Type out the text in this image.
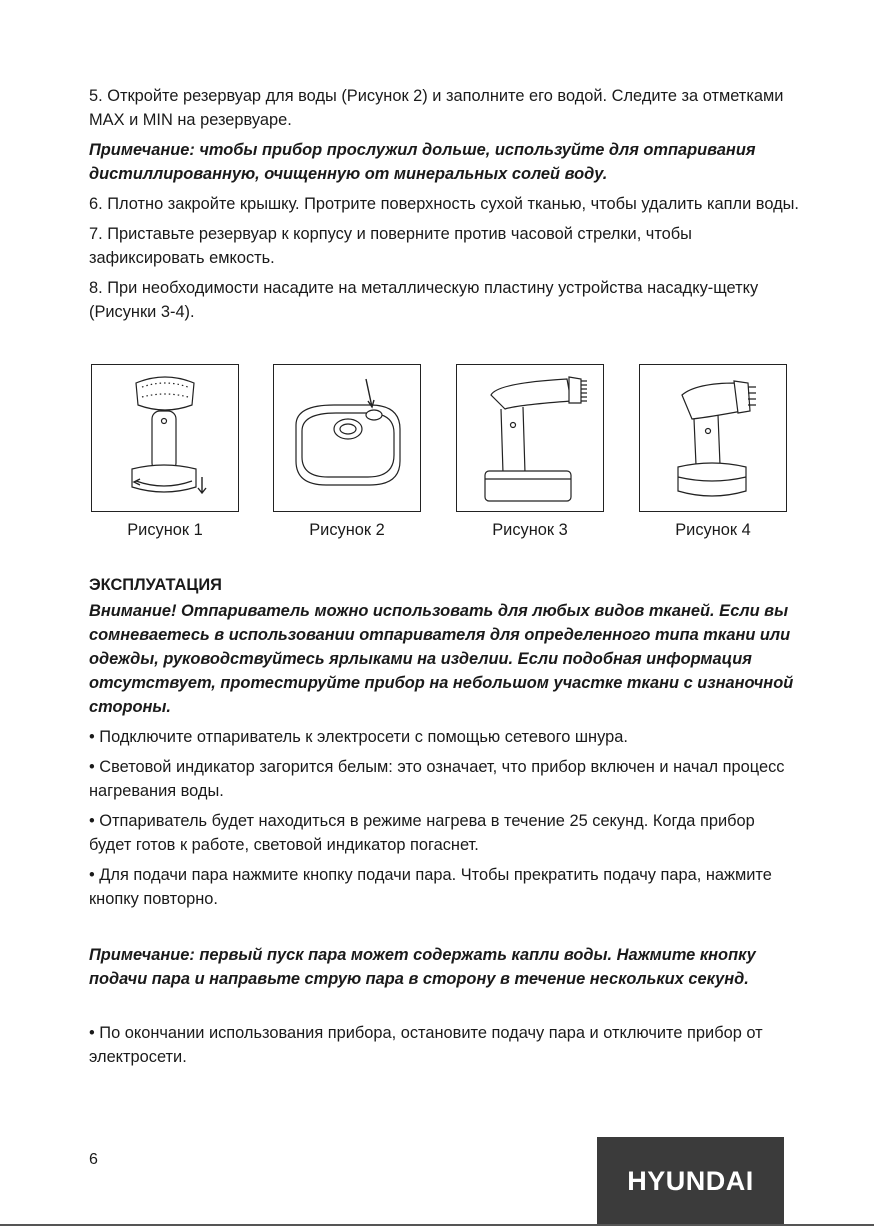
5. Откройте резервуар для воды (Рисунок 2) и заполните его водой. Следите за отметками MAX и MIN на резервуаре.

Примечание: чтобы прибор прослужил дольше, используйте для отпаривания дистиллированную, очищенную от минеральных солей воду.

6. Плотно закройте крышку. Протрите поверхность сухой тканью, чтобы удалить капли воды.

7. Приставьте резервуар к корпусу и поверните против часовой стрелки, чтобы зафиксировать емкость.

8. При необходимости насадите на металлическую пластину устройства насадку-щетку (Рисунки 3-4).

Рисунок 1	Рисунок 2	Рисунок 3	Рисунок 4
ЭКСПЛУАТАЦИЯ

Внимание! Отпариватель можно использовать для любых видов тканей. Если вы сомневаетесь в использовании отпаривателя для определенного типа ткани или одежды, руководствуйтесь ярлыками на изделии. Если подобная информация отсутствует, протестируйте прибор на небольшом участке ткани с изнаночной стороны.

• Подключите отпариватель к электросети с помощью сетевого шнура.

• Световой индикатор загорится белым: это означает, что прибор включен и начал процесс нагревания воды.

• Отпариватель будет находиться в режиме нагрева в течение 25 секунд. Когда прибор будет готов к работе, световой индикатор погаснет.

• Для подачи пара нажмите кнопку подачи пара. Чтобы прекратить подачу пара, нажмите кнопку повторно.

Примечание: первый пуск пара может содержать капли воды. Нажмите кнопку подачи пара и направьте струю пара в сторону в течение нескольких секунд.

• По окончании использования прибора, остановите подачу пара и отключите прибор от электросети.

6
HYUNDAI
